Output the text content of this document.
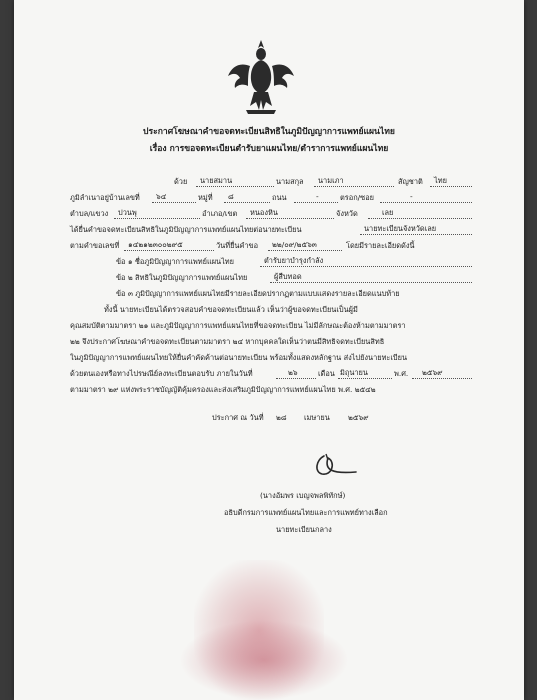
ประกาศโฆษณาคำขอจดทะเบียนสิทธิในภูมิปัญญาการแพทย์แผนไทย
เรื่อง การขอจดทะเบียนตำรับยาแผนไทย/ตำราการแพทย์แผนไทย
ด้วย	นายสมาน	นามสกุล	นามเภา	สัญชาติ	ไทย
ภูมิลำเนาอยู่บ้านเลขที่	๖๔	หมู่ที่	๘	ถนน	-	ตรอก/ซอย	-
ตำบล/แขวง	ปวนพุ	อำเภอ/เขต	หนองหิน	จังหวัด	เลย
ได้ยื่นคำขอจดทะเบียนสิทธิในภูมิปัญญาการแพทย์แผนไทยต่อนายทะเบียน	นายทะเบียนจังหวัดเลย
ตามคำขอเลขที่	๑๔๒๑๒๓๐๐๒๙๕	วันที่ยื่นคำขอ	๒๒/๐๙/๒๕๖๓	โดยมีรายละเอียดดังนี้
ข้อ ๑ ชื่อภูมิปัญญาการแพทย์แผนไทย	ตำรับยาบำรุงกำลัง
ข้อ ๒ สิทธิในภูมิปัญญาการแพทย์แผนไทย	ผู้สืบทอด
ข้อ ๓ ภูมิปัญญาการแพทย์แผนไทยมีรายละเอียดปรากฏตามแบบแสดงรายละเอียดแนบท้าย
ทั้งนี้ นายทะเบียนได้ตรวจสอบคำขอจดทะเบียนแล้ว เห็นว่าผู้ขอจดทะเบียนเป็นผู้มี
คุณสมบัติตามมาตรา ๒๑ และภูมิปัญญาการแพทย์แผนไทยที่ขอจดทะเบียน ไม่มีลักษณะต้องห้ามตามมาตรา
๒๒ จึงประกาศโฆษณาคำขอจดทะเบียนตามมาตรา ๒๔ หากบุคคลใดเห็นว่าตนมีสิทธิจดทะเบียนสิทธิ
ในภูมิปัญญาการแพทย์แผนไทยให้ยื่นคำคัดค้านต่อนายทะเบียน พร้อมทั้งแสดงหลักฐาน ส่งไปยังนายทะเบียน
ด้วยตนเองหรือทางไปรษณีย์ลงทะเบียนตอบรับ ภายในวันที่	๒๖	เดือน มิถุนายน	พ.ศ.	๒๕๖๙
ตามมาตรา ๒๙ แห่งพระราชบัญญัติคุ้มครองและส่งเสริมภูมิปัญญาการแพทย์แผนไทย พ.ศ. ๒๕๔๒
ประกาศ ณ วันที่ ๒๘ เมษายน ๒๕๖๙
(นางอัมพร เบญจพลพิทักษ์)
อธิบดีกรมการแพทย์แผนไทยและการแพทย์ทางเลือก
นายทะเบียนกลาง
